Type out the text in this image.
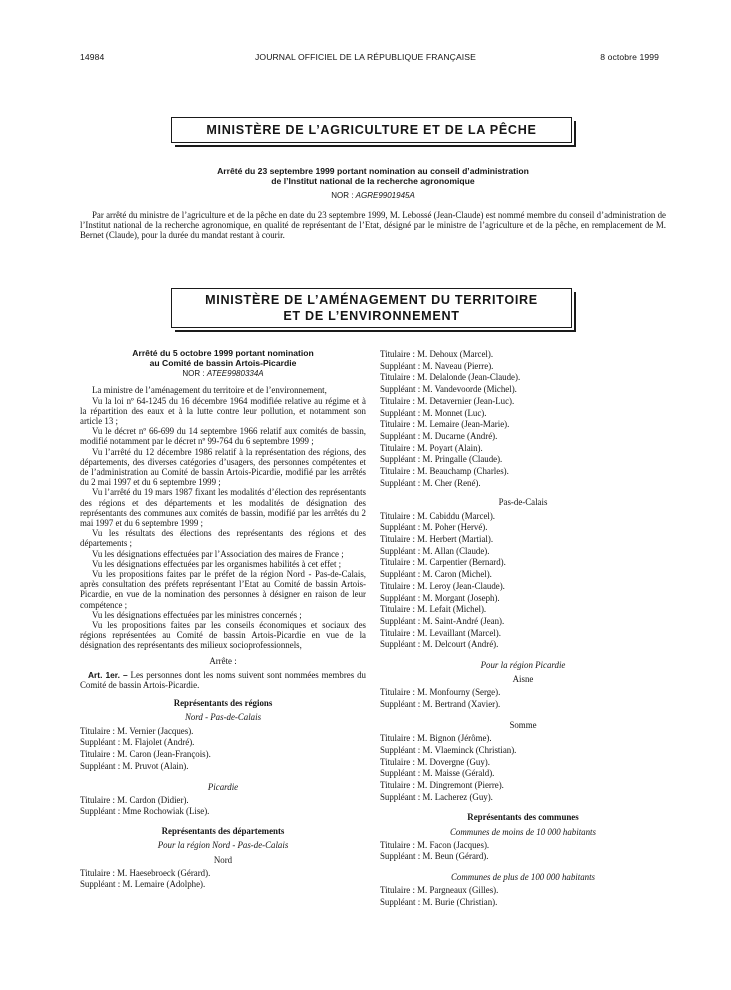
JOURNAL OFFICIEL DE LA RÉPUBLIQUE FRANÇAISE
14984	8 octobre 1999
MINISTÈRE DE L’AGRICULTURE ET DE LA PÊCHE
Arrêté du 23 septembre 1999 portant nomination au conseil d’administration
de l’Institut national de la recherche agronomique
NOR : AGRE9901945A

Par arrêté du ministre de l’agriculture et de la pêche en date du 23 septembre 1999, M. Lebossé (Jean-Claude) est nommé membre du conseil d’administration de l’Institut national de la recherche agronomique, en qualité de représentant de l’Etat, désigné par le ministre de l’agriculture et de la pêche, en remplacement de M. Bernet (Claude), pour la durée du mandat restant à courir.

MINISTÈRE DE L’AMÉNAGEMENT DU TERRITOIRE
ET DE L’ENVIRONNEMENT
Arrêté du 5 octobre 1999 portant nomination
au Comité de bassin Artois-Picardie
NOR : ATEE9980334A

La ministre de l’aménagement du territoire et de l’environnement,

Vu la loi nº 64-1245 du 16 décembre 1964 modifiée relative au régime et à la répartition des eaux et à la lutte contre leur pollution, et notamment son article 13 ;

Vu le décret nº 66-699 du 14 septembre 1966 relatif aux comités de bassin, modifié notamment par le décret nº 99-764 du 6 septembre 1999 ;

Vu l’arrêté du 12 décembre 1986 relatif à la représentation des régions, des départements, des diverses catégories d’usagers, des personnes compétentes et de l’administration au Comité de bassin Artois-Picardie, modifié par les arrêtés du 2 mai 1997 et du 6 septembre 1999 ;

Vu l’arrêté du 19 mars 1987 fixant les modalités d’élection des représentants des régions et des départements et les modalités de désignation des représentants des communes aux comités de bassin, modifié par les arrêtés du 2 mai 1997 et du 6 septembre 1999 ;

Vu les résultats des élections des représentants des régions et des départements ;

Vu les désignations effectuées par l’Association des maires de France ;

Vu les désignations effectuées par les organismes habilités à cet effet ;

Vu les propositions faites par le préfet de la région Nord - Pas-de-Calais, après consultation des préfets représentant l’Etat au Comité de bassin Artois-Picardie, en vue de la nomination des personnes à désigner en raison de leur compétence ;

Vu les désignations effectuées par les ministres concernés ;

Vu les propositions faites par les conseils économiques et sociaux des régions représentées au Comité de bassin Artois-Picardie en vue de la désignation des représentants des milieux socioprofessionnels,

Arrête :

Art. 1er. – Les personnes dont les noms suivent sont nommées membres du Comité de bassin Artois-Picardie.

Représentants des régions
Nord - Pas-de-Calais
Titulaire : M. Vernier (Jacques).
Suppléant : M. Flajolet (André).
Titulaire : M. Caron (Jean-François).
Suppléant : M. Pruvot (Alain).
Picardie
Titulaire : M. Cardon (Didier).
Suppléant : Mme Rochowiak (Lise).
Représentants des départements
Pour la région Nord - Pas-de-Calais
Nord
Titulaire : M. Haesebroeck (Gérard).
Suppléant : M. Lemaire (Adolphe).
Titulaire : M. Dehoux (Marcel).
Suppléant : M. Naveau (Pierre).
Titulaire : M. Delalonde (Jean-Claude).
Suppléant : M. Vandevoorde (Michel).
Titulaire : M. Detavernier (Jean-Luc).
Suppléant : M. Monnet (Luc).
Titulaire : M. Lemaire (Jean-Marie).
Suppléant : M. Ducarne (André).
Titulaire : M. Poyart (Alain).
Suppléant : M. Pringalle (Claude).
Titulaire : M. Beauchamp (Charles).
Suppléant : M. Cher (René).
Pas-de-Calais
Titulaire : M. Cabiddu (Marcel).
Suppléant : M. Poher (Hervé).
Titulaire : M. Herbert (Martial).
Suppléant : M. Allan (Claude).
Titulaire : M. Carpentier (Bernard).
Suppléant : M. Caron (Michel).
Titulaire : M. Leroy (Jean-Claude).
Suppléant : M. Morgant (Joseph).
Titulaire : M. Lefait (Michel).
Suppléant : M. Saint-André (Jean).
Titulaire : M. Levaillant (Marcel).
Suppléant : M. Delcourt (André).
Pour la région Picardie
Aisne
Titulaire : M. Monfourny (Serge).
Suppléant : M. Bertrand (Xavier).
Somme
Titulaire : M. Bignon (Jérôme).
Suppléant : M. Vlaeminck (Christian).
Titulaire : M. Dovergne (Guy).
Suppléant : M. Maisse (Gérald).
Titulaire : M. Dingremont (Pierre).
Suppléant : M. Lacherez (Guy).
Représentants des communes
Communes de moins de 10 000 habitants
Titulaire : M. Facon (Jacques).
Suppléant : M. Beun (Gérard).
Communes de plus de 100 000 habitants
Titulaire : M. Pargneaux (Gilles).
Suppléant : M. Burie (Christian).
